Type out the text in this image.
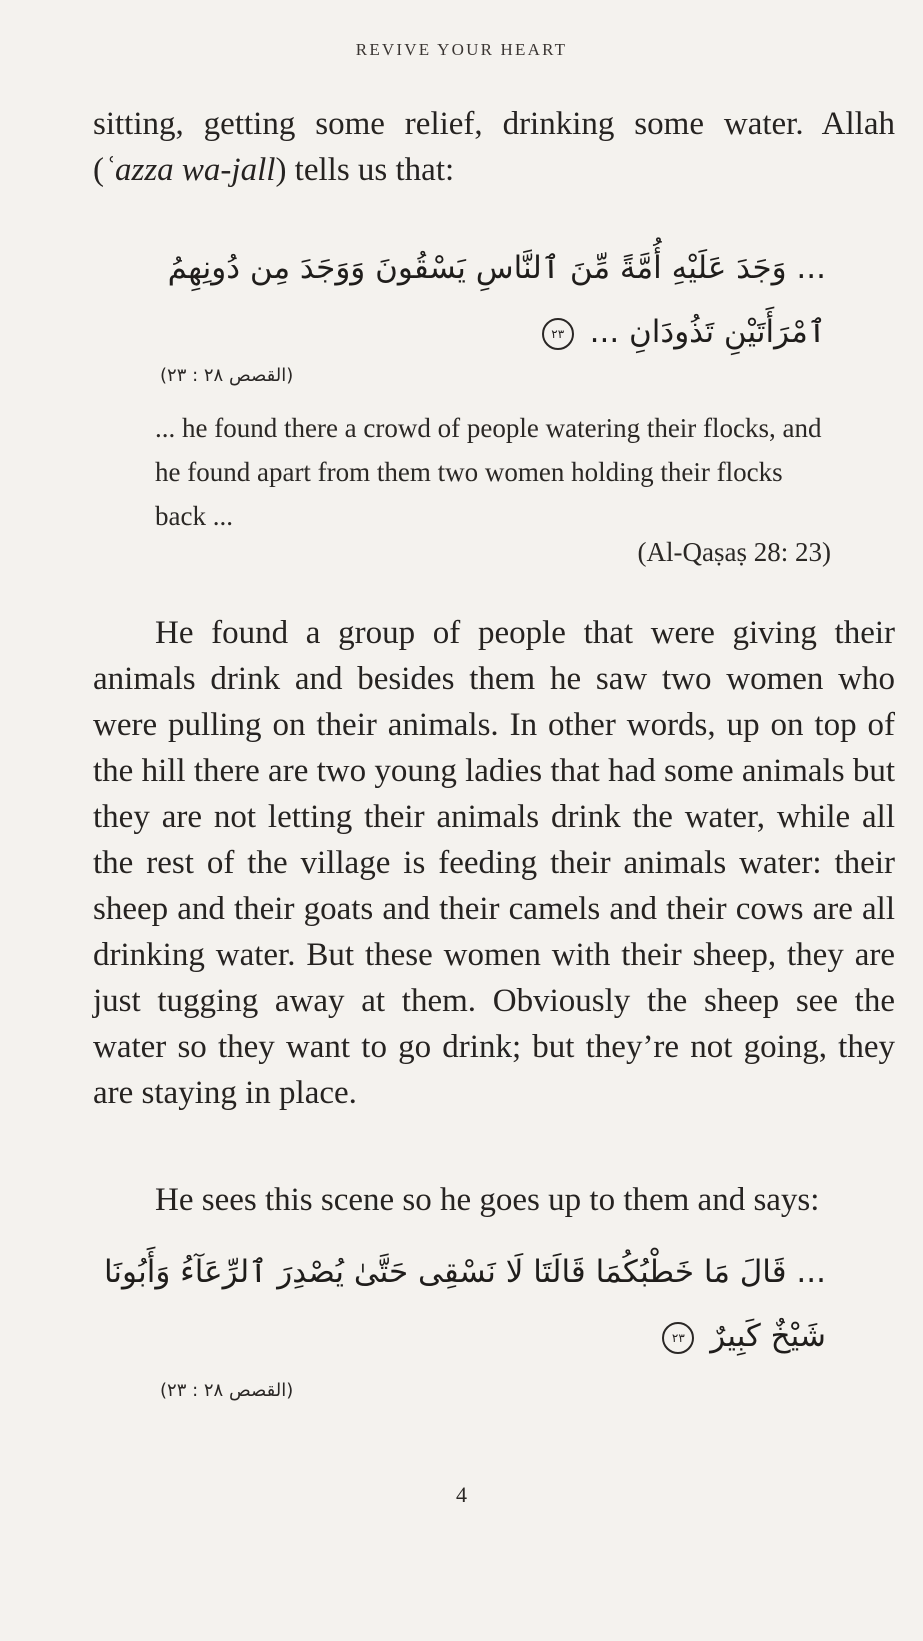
REVIVE YOUR HEART

sitting, getting some relief, drinking some water. Allah (ʿazza wa-jall) tells us that:

... وَجَدَ عَلَيْهِ أُمَّةً مِّنَ ٱلنَّاسِ يَسْقُونَ وَوَجَدَ مِن دُونِهِمُ
ٱمْرَأَتَيْنِ تَذُودَانِ ... ٢٣
(القصص ٢٨ : ٢٣)
... he found there a crowd of people watering their flocks, and he found apart from them two women holding their flocks back ...
(Al-Qaṣaṣ 28: 23)

He found a group of people that were giving their animals drink and besides them he saw two women who were pulling on their animals. In other words, up on top of the hill there are two young ladies that had some animals but they are not letting their animals drink the water, while all the rest of the village is feeding their animals water: their sheep and their goats and their camels and their cows are all drinking water. But these women with their sheep, they are just tugging away at them. Obviously the sheep see the water so they want to go drink; but they’re not going, they are staying in place.

He sees this scene so he goes up to them and says:

... قَالَ مَا خَطْبُكُمَا قَالَتَا لَا نَسْقِى حَتَّىٰ يُصْدِرَ ٱلرِّعَآءُ وَأَبُونَا
شَيْخٌ كَبِيرٌ ٢٣
(القصص ٢٨ : ٢٣)
4
